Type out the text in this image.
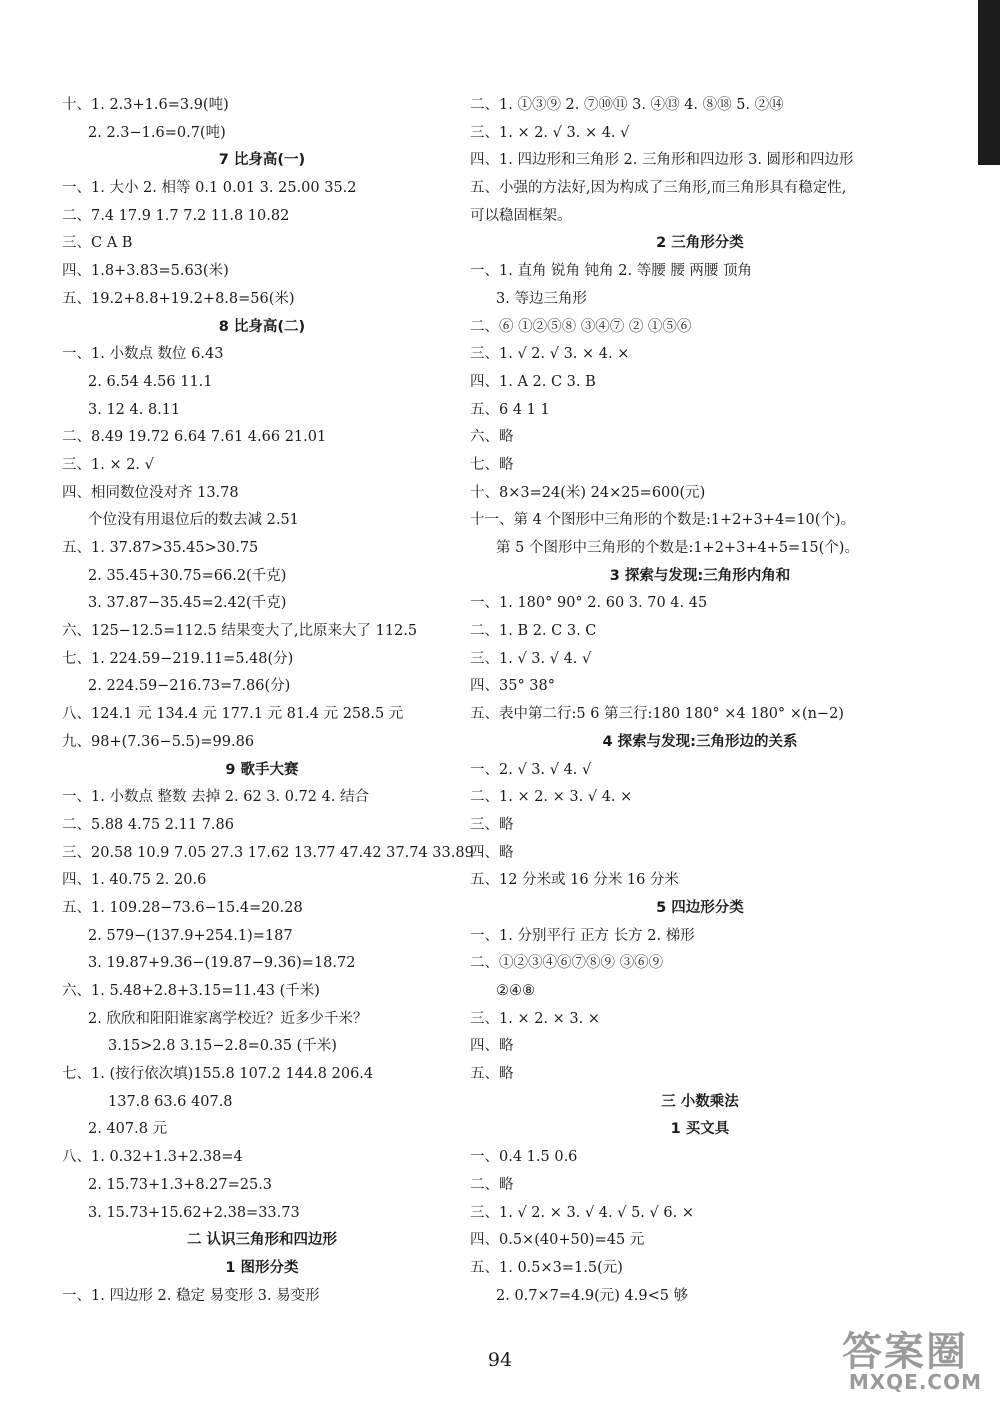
十、1. 2.3+1.6=3.9(吨)
2. 2.3−1.6=0.7(吨)
7 比身高(一)
一、1. 大小 2. 相等 0.1 0.01 3. 25.00 35.2
二、7.4 17.9 1.7 7.2 11.8 10.82
三、C A B
四、1.8+3.83=5.63(米)
五、19.2+8.8+19.2+8.8=56(米)
8 比身高(二)
一、1. 小数点 数位 6.43
2. 6.54 4.56 11.1
3. 12 4. 8.11
二、8.49 19.72 6.64 7.61 4.66 21.01
三、1. × 2. √
四、相同数位没对齐 13.78
个位没有用退位后的数去减 2.51
五、1. 37.87>35.45>30.75
2. 35.45+30.75=66.2(千克)
3. 37.87−35.45=2.42(千克)
六、125−12.5=112.5 结果变大了,比原来大了 112.5
七、1. 224.59−219.11=5.48(分)
2. 224.59−216.73=7.86(分)
八、124.1 元 134.4 元 177.1 元 81.4 元 258.5 元
九、98+(7.36−5.5)=99.86
9 歌手大赛
一、1. 小数点 整数 去掉 2. 62 3. 0.72 4. 结合
二、5.88 4.75 2.11 7.86
三、20.58 10.9 7.05 27.3 17.62 13.77 47.42 37.74 33.89
四、1. 40.75 2. 20.6
五、1. 109.28−73.6−15.4=20.28
2. 579−(137.9+254.1)=187
3. 19.87+9.36−(19.87−9.36)=18.72
六、1. 5.48+2.8+3.15=11.43 (千米)
2. 欣欣和阳阳谁家离学校近？近多少千米？
3.15>2.8 3.15−2.8=0.35 (千米)
七、1. (按行依次填)155.8 107.2 144.8 206.4
137.8 63.6 407.8
2. 407.8 元
八、1. 0.32+1.3+2.38=4
2. 15.73+1.3+8.27=25.3
3. 15.73+15.62+2.38=33.73
二 认识三角形和四边形
1 图形分类
一、1. 四边形 2. 稳定 易变形 3. 易变形
二、1. ①③⑨ 2. ⑦⑩⑪ 3. ④⑬ 4. ⑧⑱ 5. ②⑭
三、1. × 2. √ 3. × 4. √
四、1. 四边形和三角形 2. 三角形和四边形 3. 圆形和四边形
五、小强的方法好,因为构成了三角形,而三角形具有稳定性,
可以稳固框架。
2 三角形分类
一、1. 直角 锐角 钝角 2. 等腰 腰 两腰 顶角
3. 等边三角形
二、⑥ ①②⑤⑧ ③④⑦ ② ①⑤⑥
三、1. √ 2. √ 3. × 4. ×
四、1. A 2. C 3. B
五、6 4 1 1
六、略
七、略
十、8×3=24(米) 24×25=600(元)
十一、第 4 个图形中三角形的个数是:1+2+3+4=10(个)。
第 5 个图形中三角形的个数是:1+2+3+4+5=15(个)。
3 探索与发现:三角形内角和
一、1. 180° 90° 2. 60 3. 70 4. 45
二、1. B 2. C 3. C
三、1. √ 3. √ 4. √
四、35° 38°
五、表中第二行:5 6 第三行:180 180° ×4 180° ×(n−2)
4 探索与发现:三角形边的关系
一、2. √ 3. √ 4. √
二、1. × 2. × 3. √ 4. ×
三、略
四、略
五、12 分米或 16 分米 16 分米
5 四边形分类
一、1. 分别平行 正方 长方 2. 梯形
二、①②③④⑥⑦⑧⑨ ③⑥⑨
②④⑧
三、1. × 2. × 3. ×
四、略
五、略
三 小数乘法
1 买文具
一、0.4 1.5 0.6
二、略
三、1. √ 2. × 3. √ 4. √ 5. √ 6. ×
四、0.5×(40+50)=45 元
五、1. 0.5×3=1.5(元)
2. 0.7×7=4.9(元) 4.9<5 够
94	答案圈
MXQE.COM
